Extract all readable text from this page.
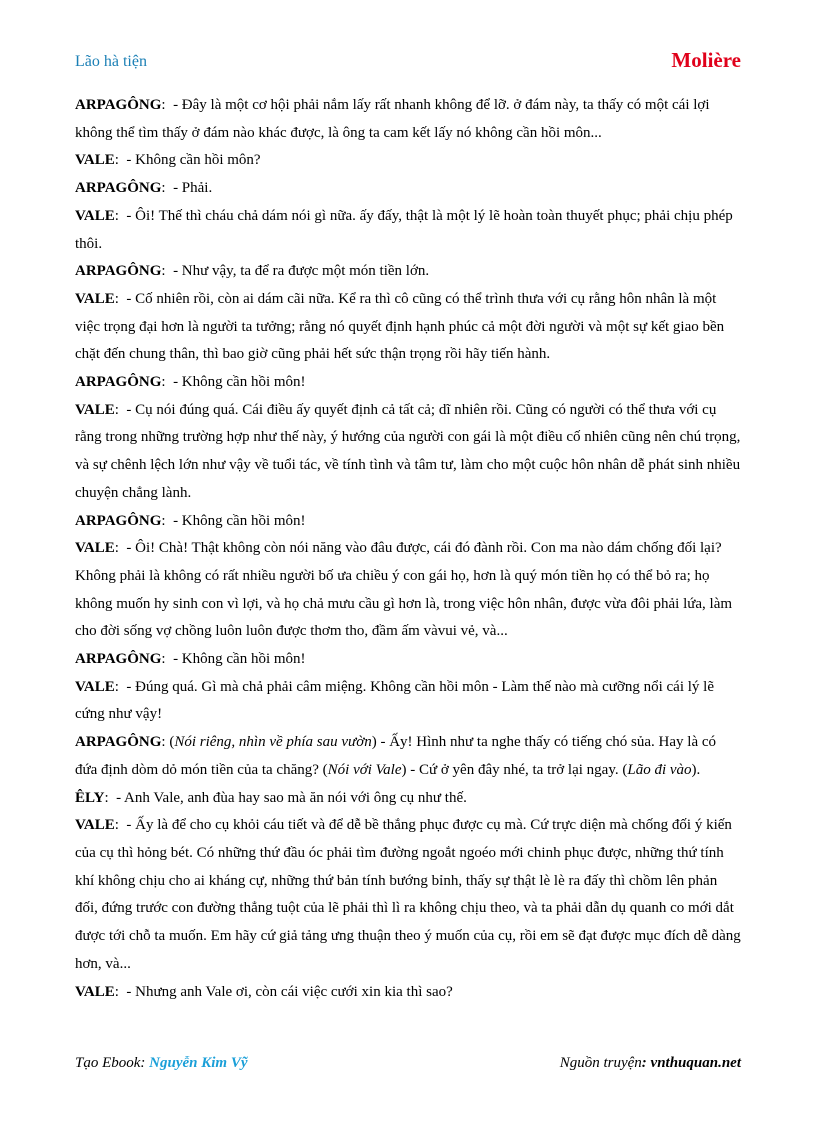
Lão hà tiện	Molière

ARPAGÔNG:  - Đây là một cơ hội phải nắm lấy rất nhanh không để lỡ. ở đám này, ta thấy có một cái lợi không thể tìm thấy ở đám nào khác được, là ông ta cam kết lấy nó không cần hồi môn...

VALE:  - Không cần hồi môn?

ARPAGÔNG:  - Phải.

VALE:  - Ôi! Thế thì cháu chả dám nói gì nữa. ấy đấy, thật là một lý lẽ hoàn toàn thuyết phục; phải chịu phép thôi.

ARPAGÔNG:  - Như vậy, ta để ra được một món tiền lớn.

VALE:  - Cố nhiên rồi, còn ai dám cãi nữa. Kể ra thì cô cũng có thể trình thưa với cụ rằng hôn nhân là một việc trọng đại hơn là người ta tưởng; rằng nó quyết định hạnh phúc cả một đời người và một sự kết giao bền chặt đến chung thân, thì bao giờ cũng phải hết sức thận trọng rồi hãy tiến hành.

ARPAGÔNG:  - Không cần hồi môn!

VALE:  - Cụ nói đúng quá. Cái điều ấy quyết định cả tất cả; dĩ nhiên rồi. Cũng có người có thể thưa với cụ rằng trong những trường hợp như thế này, ý hướng của người con gái là một điều cố nhiên cũng nên chú trọng, và sự chênh lệch lớn như vậy về tuổi tác, về tính tình và tâm tư, làm cho một cuộc hôn nhân dễ phát sinh nhiều chuyện chẳng lành.

ARPAGÔNG:  - Không cần hồi môn!

VALE:  - Ôi! Chà! Thật không còn nói năng vào đâu được, cái đó đành rồi. Con ma nào dám chống đối lại? Không phải là không có rất nhiều người bố ưa chiều ý con gái họ, hơn là quý món tiền họ có thể bỏ ra; họ không muốn hy sinh con vì lợi, và họ chả mưu cầu gì hơn là, trong việc hôn nhân, được vừa đôi phải lứa, làm cho đời sống vợ chồng luôn luôn được thơm tho, đầm ấm vàvui vẻ, và...

ARPAGÔNG:  - Không cần hồi môn!

VALE:  - Đúng quá. Gì mà chả phải câm miệng. Không cần hồi môn - Làm thế nào mà cưỡng nổi cái lý lẽ cứng như vậy!

ARPAGÔNG: (Nói riêng, nhìn về phía sau vườn) - Ấy! Hình như ta nghe thấy có tiếng chó sủa. Hay là có đứa định dòm dỏ món tiền của ta chăng? (Nói với Vale) - Cứ ở yên đây nhé, ta trở lại ngay. (Lão đi vào).

ÊLY:  - Anh Vale, anh đùa hay sao mà ăn nói với ông cụ như thế.

VALE:  - Ấy là để cho cụ khỏi cáu tiết và để dễ bề thắng phục được cụ mà. Cứ trực diện mà chống đối ý kiến của cụ thì hỏng bét. Có những thứ đầu óc phải tìm đường ngoắt ngoéo mới chinh phục được, những thứ tính khí không chịu cho ai kháng cự, những thứ bản tính bướng bỉnh, thấy sự thật lè lè ra đấy thì chồm lên phản đối, đứng trước con đường thẳng tuột của lẽ phải thì lì ra không chịu theo, và ta phải dẫn dụ quanh co mới dắt được tới chỗ ta muốn. Em hãy cứ giả tảng ưng thuận theo ý muốn của cụ, rồi em sẽ đạt được mục đích dễ dàng hơn, và...

VALE:  - Nhưng anh Vale ơi, còn cái việc cưới xin kia thì sao?

Tạo Ebook: Nguyễn Kim Vỹ	Nguồn truyện: vnthuquan.net
